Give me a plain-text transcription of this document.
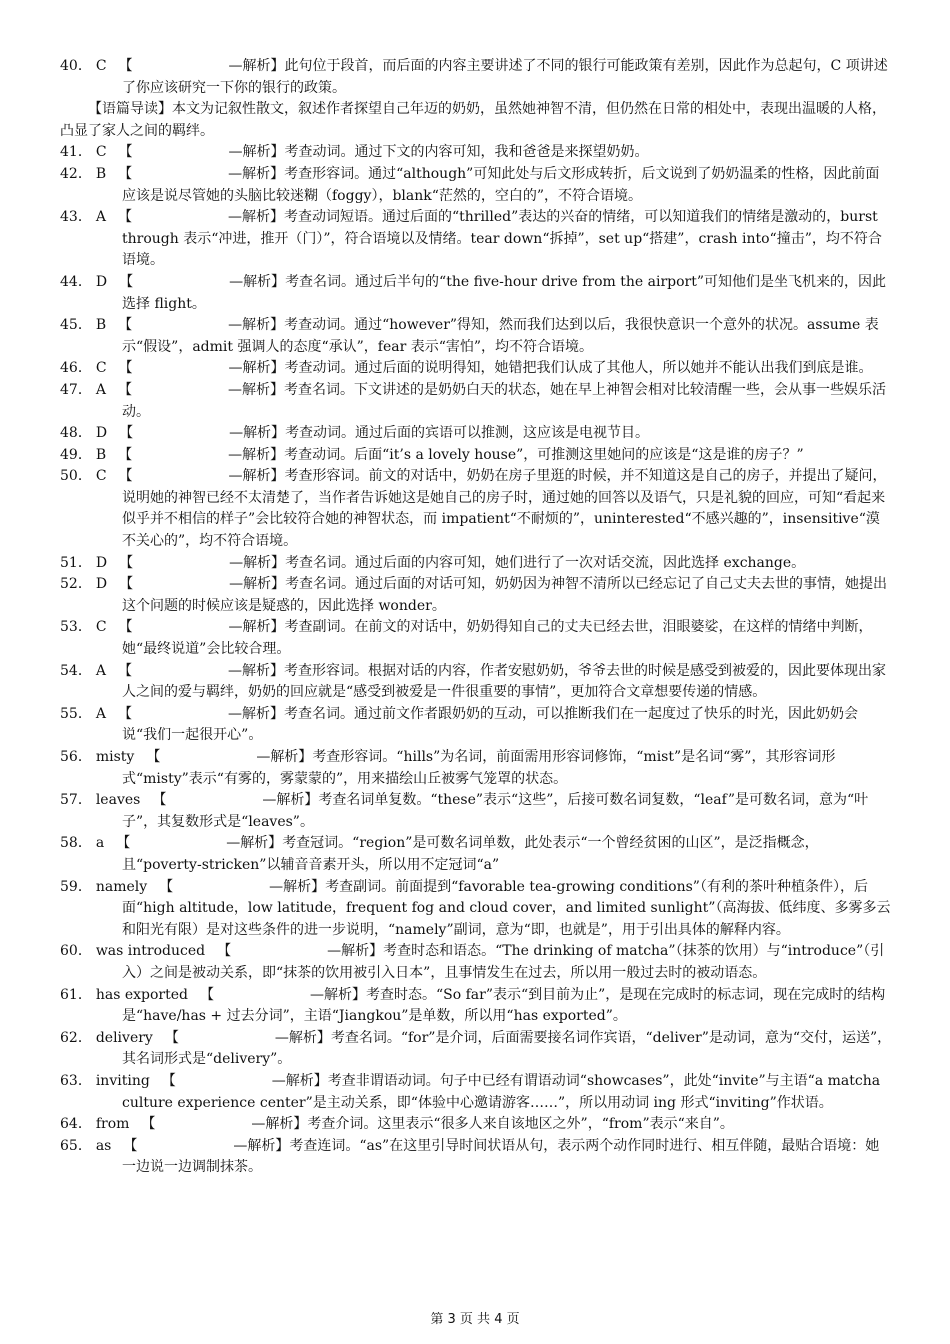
40． C 【	—解析】此句位于段首，而后面的内容主要讲述了不同的银行可能政策有差别，因此作为总起句，C 项讲述了你应该研究一下你的银行的政策。

【语篇导读】本文为记叙性散文，叙述作者探望自己年迈的奶奶，虽然她神智不清，但仍然在日常的相处中，表现出温暖的人格，凸显了家人之间的羁绊。

41． C 【	—解析】考查动词。通过下文的内容可知，我和爸爸是来探望奶奶。

42． B 【	—解析】考查形容词。通过“although”可知此处与后文形成转折，后文说到了奶奶温柔的性格，因此前面应该是说尽管她的头脑比较迷糊（foggy），blank“茫然的，空白的”，不符合语境。

43． A 【	—解析】考查动词短语。通过后面的“thrilled”表达的兴奋的情绪，可以知道我们的情绪是激动的，burst through 表示“冲进，推开（门）”，符合语境以及情绪。tear down“拆掉”，set up“搭建”，crash into“撞击”，均不符合语境。

44． D 【	—解析】考查名词。通过后半句的“the five-hour drive from the airport”可知他们是坐飞机来的，因此选择 flight。

45． B 【	—解析】考查动词。通过“however”得知，然而我们达到以后，我很快意识一个意外的状况。assume 表示“假设”，admit 强调人的态度“承认”，fear 表示“害怕”，均不符合语境。

46． C 【	—解析】考查动词。通过后面的说明得知，她错把我们认成了其他人，所以她并不能认出我们到底是谁。

47． A 【	—解析】考查名词。下文讲述的是奶奶白天的状态，她在早上神智会相对比较清醒一些，会从事一些娱乐活动。

48． D 【	—解析】考查动词。通过后面的宾语可以推测，这应该是电视节目。

49． B 【	—解析】考查动词。后面“it’s a lovely house”，可推测这里她问的应该是“这是谁的房子？”

50． C 【	—解析】考查形容词。前文的对话中，奶奶在房子里逛的时候，并不知道这是自己的房子，并提出了疑问，说明她的神智已经不太清楚了，当作者告诉她这是她自己的房子时，通过她的回答以及语气，只是礼貌的回应，可知“看起来似乎并不相信的样子”会比较符合她的神智状态，而 impatient“不耐烦的”，uninterested“不感兴趣的”，insensitive“漠不关心的”，均不符合语境。

51． D 【	—解析】考查名词。通过后面的内容可知，她们进行了一次对话交流，因此选择 exchange。

52． D 【	—解析】考查名词。通过后面的对话可知，奶奶因为神智不清所以已经忘记了自己丈夫去世的事情，她提出这个问题的时候应该是疑惑的，因此选择 wonder。

53． C 【	—解析】考查副词。在前文的对话中，奶奶得知自己的丈夫已经去世，泪眼婆娑，在这样的情绪中判断，她“最终说道”会比较合理。

54． A 【	—解析】考查形容词。根据对话的内容，作者安慰奶奶，爷爷去世的时候是感受到被爱的，因此要体现出家人之间的爱与羁绊，奶奶的回应就是“感受到被爱是一件很重要的事情”，更加符合文章想要传递的情感。

55． A 【	—解析】考查名词。通过前文作者跟奶奶的互动，可以推断我们在一起度过了快乐的时光，因此奶奶会说“我们一起很开心”。

56． misty 【	—解析】考查形容词。“hills”为名词，前面需用形容词修饰，“mist”是名词“雾”，其形容词形式“misty”表示“有雾的，雾蒙蒙的”，用来描绘山丘被雾气笼罩的状态。

57． leaves 【	—解析】考查名词单复数。“these”表示“这些”，后接可数名词复数，“leaf”是可数名词，意为“叶子”，其复数形式是“leaves”。

58． a 【	—解析】考查冠词。“region”是可数名词单数，此处表示“一个曾经贫困的山区”，是泛指概念，且“poverty-stricken”以辅音音素开头，所以用不定冠词“a”

59． namely 【	—解析】考查副词。前面提到“favorable tea-growing conditions”（有利的茶叶种植条件），后面“high altitude，low latitude，frequent fog and cloud cover，and limited sunlight”（高海拔、低纬度、多雾多云和阳光有限）是对这些条件的进一步说明，“namely”副词，意为“即，也就是”，用于引出具体的解释内容。

60． was introduced 【	—解析】考查时态和语态。“The drinking of matcha”（抹茶的饮用）与“introduce”（引入）之间是被动关系，即“抹茶的饮用被引入日本”，且事情发生在过去，所以用一般过去时的被动语态。

61． has exported 【	—解析】考查时态。“So far”表示“到目前为止”，是现在完成时的标志词，现在完成时的结构是“have/has + 过去分词”，主语“Jiangkou”是单数，所以用“has exported”。

62． delivery 【	—解析】考查名词。“for”是介词，后面需要接名词作宾语，“deliver”是动词，意为“交付，运送”，其名词形式是“delivery”。

63． inviting 【	—解析】考查非谓语动词。句子中已经有谓语动词“showcases”，此处“invite”与主语“a matcha culture experience center”是主动关系，即“体验中心邀请游客……”，所以用动词 ing 形式“inviting”作状语。

64． from 【	—解析】考查介词。这里表示“很多人来自该地区之外”，“from”表示“来自”。

65． as 【	—解析】考查连词。“as”在这里引导时间状语从句，表示两个动作同时进行、相互伴随，最贴合语境：她一边说一边调制抹茶。

第 3 页 共 4 页
